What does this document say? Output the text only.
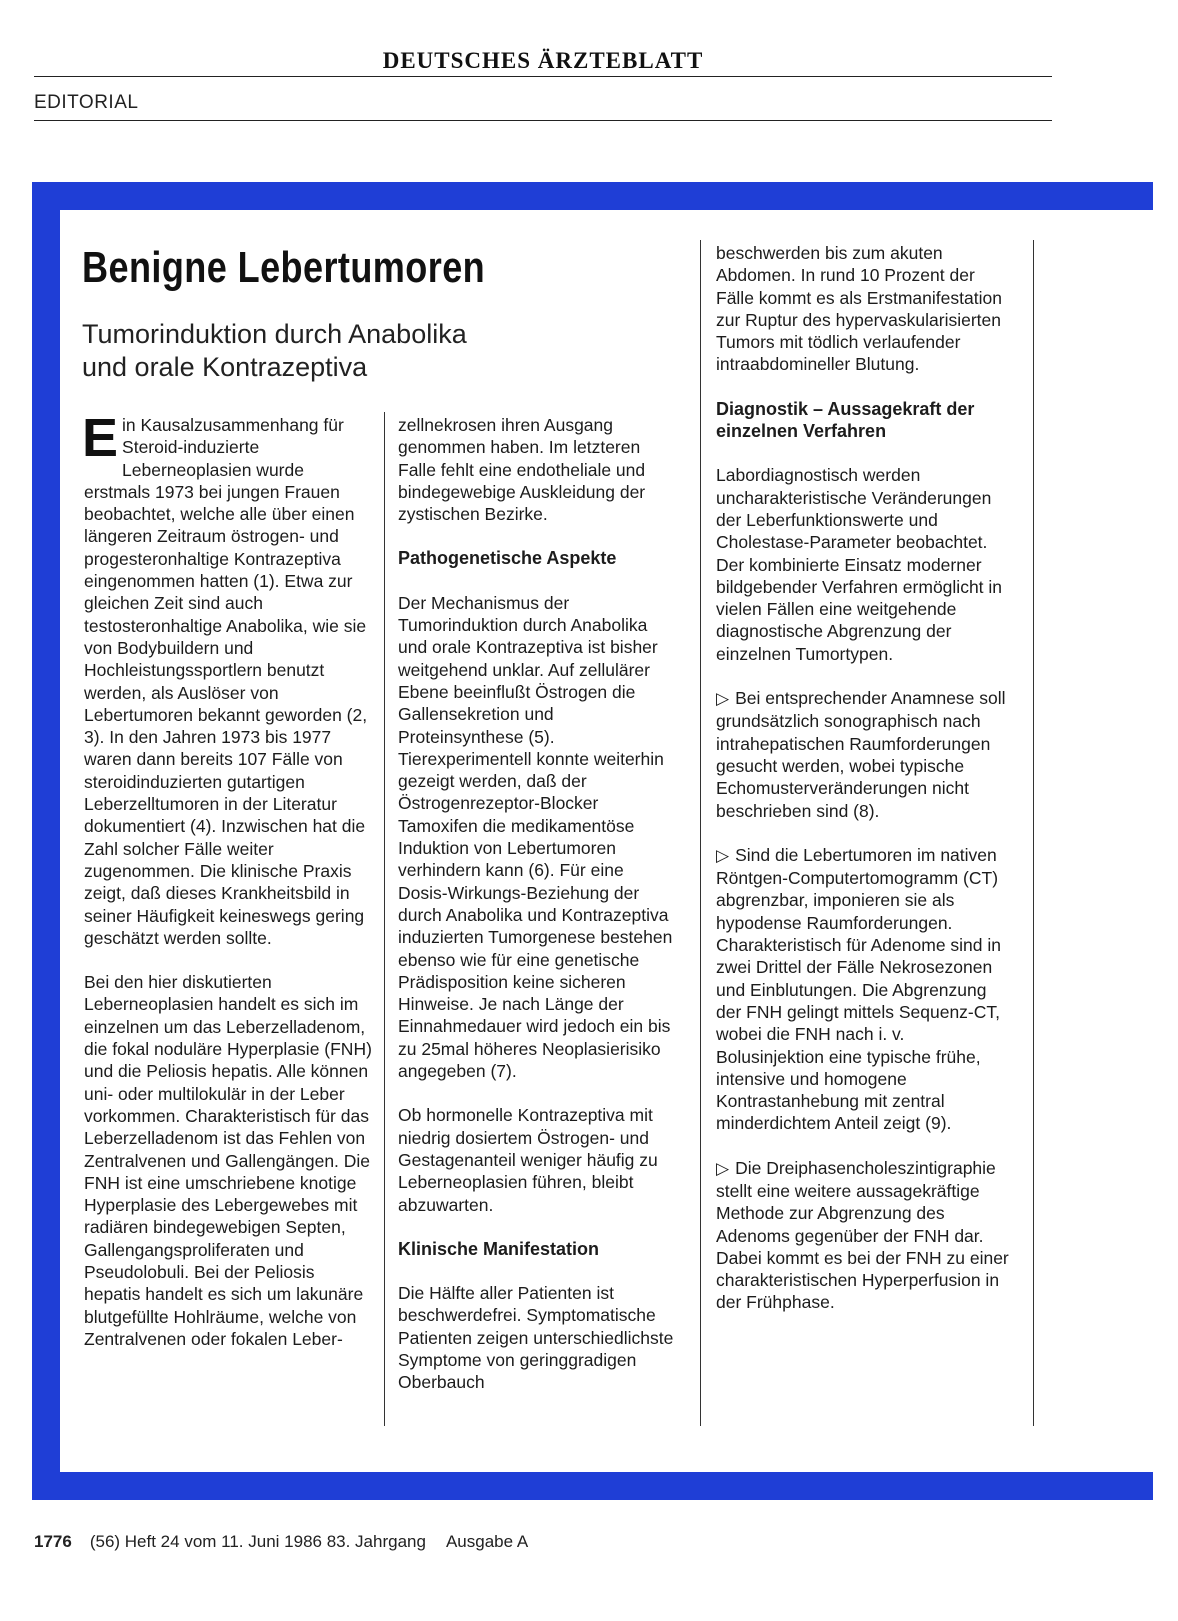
DEUTSCHES ÄRZTEBLATT
EDITORIAL
Benigne Lebertumoren
Tumorinduktion durch Anabolika
und orale Kontrazeptiva

Ein Kausalzusammenhang für Steroid-induzierte Leberneoplasien wurde erstmals 1973 bei jungen Frauen beobachtet, welche alle über einen längeren Zeitraum östrogen- und progesteronhaltige Kontrazeptiva eingenommen hatten (1). Etwa zur gleichen Zeit sind auch testosteronhaltige Anabolika, wie sie von Bodybuildern und Hochleistungssportlern benutzt werden, als Auslöser von Lebertumoren bekannt geworden (2, 3). In den Jahren 1973 bis 1977 waren dann bereits 107 Fälle von steroidinduzierten gutartigen Leberzelltumoren in der Literatur dokumentiert (4). Inzwischen hat die Zahl solcher Fälle weiter zugenommen. Die klinische Praxis zeigt, daß dieses Krankheitsbild in seiner Häufigkeit keineswegs gering geschätzt werden sollte.

Bei den hier diskutierten Leberneoplasien handelt es sich im einzelnen um das Leberzelladenom, die fokal noduläre Hyperplasie (FNH) und die Peliosis hepatis. Alle können uni- oder multilokulär in der Leber vorkommen. Charakteristisch für das Leberzelladenom ist das Fehlen von Zentralvenen und Gallengängen. Die FNH ist eine umschriebene knotige Hyperplasie des Lebergewebes mit radiären bindegewebigen Septen, Gallengangsproliferaten und Pseudolobuli. Bei der Peliosis hepatis handelt es sich um lakunäre blutgefüllte Hohlräume, welche von Zentralvenen oder fokalen Leber-

zellnekrosen ihren Ausgang genommen haben. Im letzteren Falle fehlt eine endotheliale und bindegewebige Auskleidung der zystischen Bezirke.

Pathogenetische Aspekte

Der Mechanismus der Tumorinduktion durch Anabolika und orale Kontrazeptiva ist bisher weitgehend unklar. Auf zellulärer Ebene beeinflußt Östrogen die Gallensekretion und Proteinsynthese (5). Tierexperimentell konnte weiterhin gezeigt werden, daß der Östrogenrezeptor-Blocker Tamoxifen die medikamentöse Induktion von Lebertumoren verhindern kann (6). Für eine Dosis-Wirkungs-Beziehung der durch Anabolika und Kontrazeptiva induzierten Tumorgenese bestehen ebenso wie für eine genetische Prädisposition keine sicheren Hinweise. Je nach Länge der Einnahmedauer wird jedoch ein bis zu 25mal höheres Neoplasierisiko angegeben (7).

Ob hormonelle Kontrazeptiva mit niedrig dosiertem Östrogen- und Gestagenanteil weniger häufig zu Leberneoplasien führen, bleibt abzuwarten.

Klinische Manifestation

Die Hälfte aller Patienten ist beschwerdefrei. Symptomatische Patienten zeigen unterschiedlichste Symptome von geringgradigen Oberbauch

beschwerden bis zum akuten Abdomen. In rund 10 Prozent der Fälle kommt es als Erstmanifestation zur Ruptur des hypervaskularisierten Tumors mit tödlich verlaufender intraabdomineller Blutung.

Diagnostik – Aussagekraft der einzelnen Verfahren

Labordiagnostisch werden uncharakteristische Veränderungen der Leberfunktionswerte und Cholestase-Parameter beobachtet. Der kombinierte Einsatz moderner bildgebender Verfahren ermöglicht in vielen Fällen eine weitgehende diagnostische Abgrenzung der einzelnen Tumortypen.

▷ Bei entsprechender Anamnese soll grundsätzlich sonographisch nach intrahepatischen Raumforderungen gesucht werden, wobei typische Echomusterveränderungen nicht beschrieben sind (8).

▷ Sind die Lebertumoren im nativen Röntgen-Computertomogramm (CT) abgrenzbar, imponieren sie als hypodense Raumforderungen. Charakteristisch für Adenome sind in zwei Drittel der Fälle Nekrosezonen und Einblutungen. Die Abgrenzung der FNH gelingt mittels Sequenz-CT, wobei die FNH nach i. v. Bolusinjektion eine typische frühe, intensive und homogene Kontrastanhebung mit zentral minderdichtem Anteil zeigt (9).

▷ Die Dreiphasencholeszintigraphie stellt eine weitere aussagekräftige Methode zur Abgrenzung des Adenoms gegenüber der FNH dar. Dabei kommt es bei der FNH zu einer charakteristischen Hyperperfusion in der Frühphase.

1776 (56) Heft 24 vom 11. Juni 1986 83. Jahrgang Ausgabe A
